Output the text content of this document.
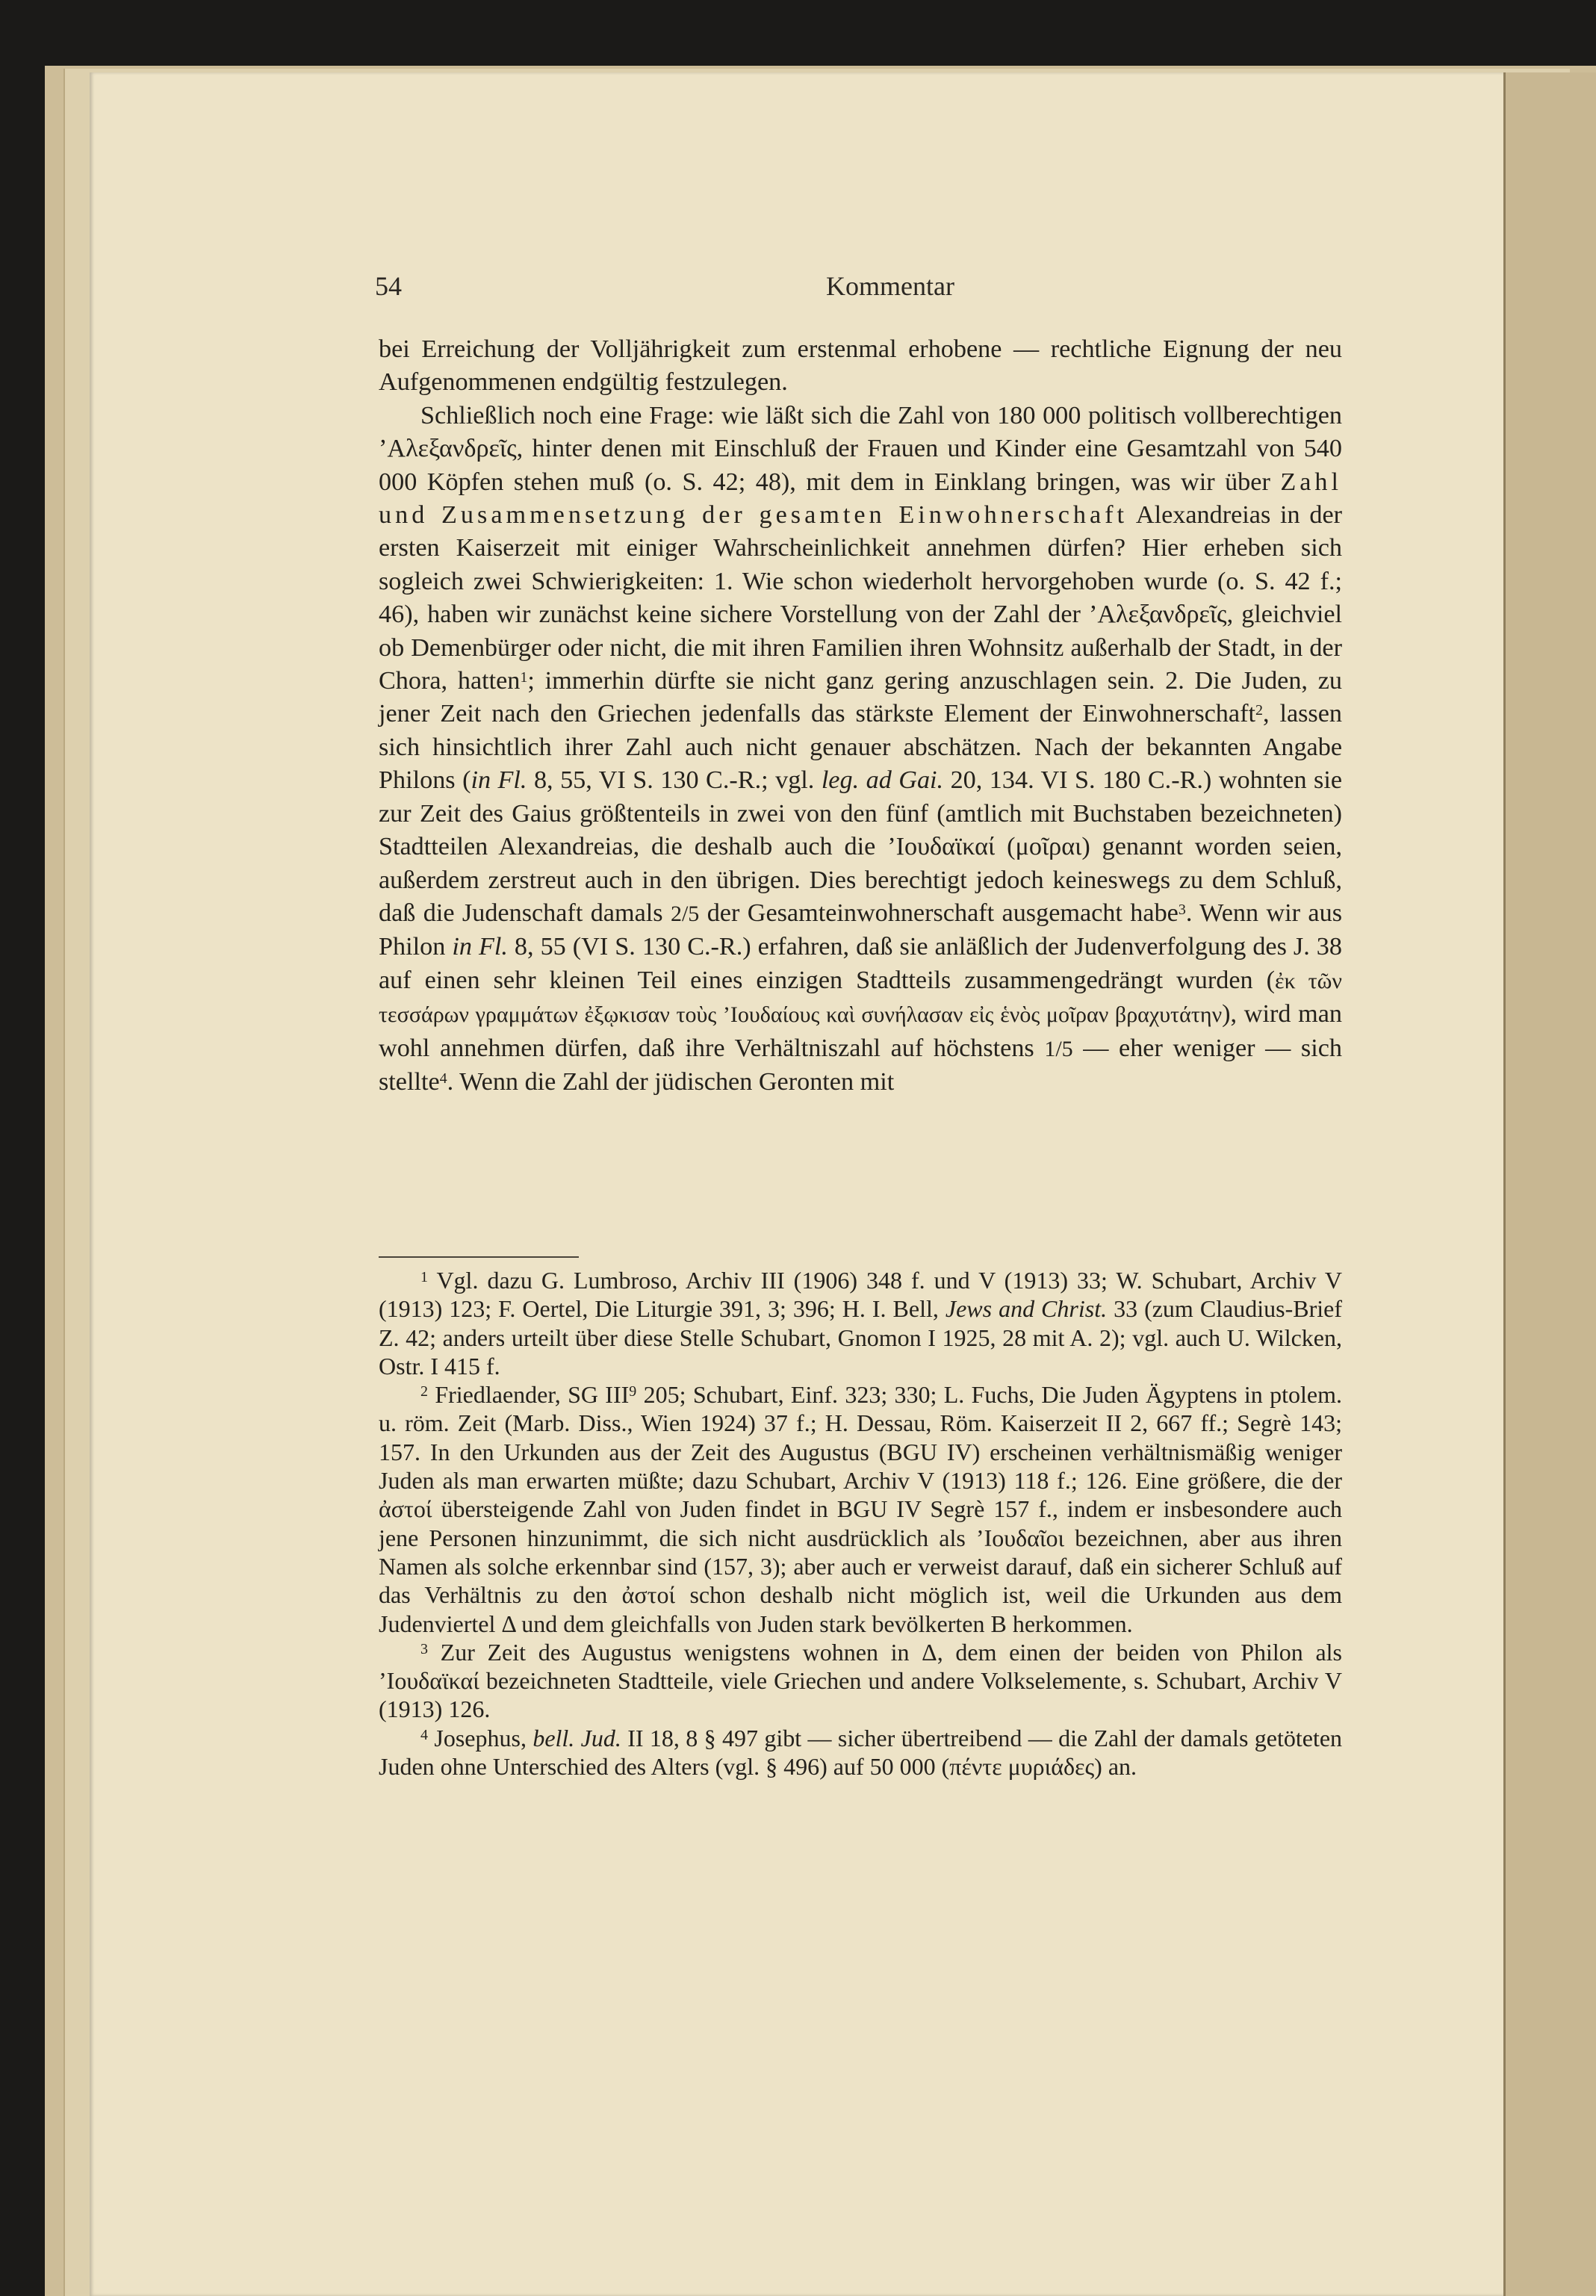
54	Kommentar

bei Erreichung der Volljährigkeit zum erstenmal erhobene — rechtliche Eignung der neu Aufgenommenen endgültig festzulegen.

Schließlich noch eine Frage: wie läßt sich die Zahl von 180 000 politisch vollberechtigen ’Αλεξανδρεῖς, hinter denen mit Einschluß der Frauen und Kinder eine Gesamtzahl von 540 000 Köpfen stehen muß (o. S. 42; 48), mit dem in Einklang bringen, was wir über Zahl und Zusammensetzung der gesamten Einwohnerschaft Alexandreias in der ersten Kaiserzeit mit einiger Wahrscheinlichkeit annehmen dürfen? Hier erheben sich sogleich zwei Schwierigkeiten: 1. Wie schon wiederholt hervorgehoben wurde (o. S. 42 f.; 46), haben wir zunächst keine sichere Vorstellung von der Zahl der ’Αλεξανδρεῖς, gleichviel ob Demenbürger oder nicht, die mit ihren Familien ihren Wohnsitz außerhalb der Stadt, in der Chora, hatten$^1$; immerhin dürfte sie nicht ganz gering anzuschlagen sein. 2. Die Juden, zu jener Zeit nach den Griechen jedenfalls das stärkste Element der Einwohnerschaft$^2$, lassen sich hinsichtlich ihrer Zahl auch nicht genauer abschätzen. Nach der bekannten Angabe Philons (in Fl. 8, 55, VI S. 130 C.-R.; vgl. leg. ad Gai. 20, 134. VI S. 180 C.-R.) wohnten sie zur Zeit des Gaius größtenteils in zwei von den fünf (amtlich mit Buchstaben bezeichneten) Stadtteilen Alexandreias, die deshalb auch die ’Ιουδαϊκαί (μοῖραι) genannt worden seien, außerdem zerstreut auch in den übrigen. Dies berechtigt jedoch keineswegs zu dem Schluß, daß die Judenschaft damals 2/5 der Gesamteinwohnerschaft ausgemacht habe$^3$. Wenn wir aus Philon in Fl. 8, 55 (VI S. 130 C.-R.) erfahren, daß sie anläßlich der Judenverfolgung des J. 38 auf einen sehr kleinen Teil eines einzigen Stadtteils zusammengedrängt wurden (ἐκ τῶν τεσσάρων γραμμάτων ἐξῳκισαν τοὺς ’Ιουδαίους καὶ συνήλασαν εἰς ἑνὸς μοῖραν βραχυτάτην), wird man wohl annehmen dürfen, daß ihre Verhältniszahl auf höchstens 1/5 — eher weniger — sich stellte$^4$. Wenn die Zahl der jüdischen Geronten mit

$^1$ Vgl. dazu G. Lumbroso, Archiv III (1906) 348 f. und V (1913) 33; W. Schubart, Archiv V (1913) 123; F. Oertel, Die Liturgie 391, 3; 396; H. I. Bell, Jews and Christ. 33 (zum Claudius-Brief Z. 42; anders urteilt über diese Stelle Schubart, Gnomon I 1925, 28 mit A. 2); vgl. auch U. Wilcken, Ostr. I 415 f.

$^2$ Friedlaender, SG III$^9$ 205; Schubart, Einf. 323; 330; L. Fuchs, Die Juden Ägyptens in ptolem. u. röm. Zeit (Marb. Diss., Wien 1924) 37 f.; H. Dessau, Röm. Kaiserzeit II 2, 667 ff.; Segrè 143; 157. In den Urkunden aus der Zeit des Augustus (BGU IV) erscheinen verhältnismäßig weniger Juden als man erwarten müßte; dazu Schubart, Archiv V (1913) 118 f.; 126. Eine größere, die der ἀστοί übersteigende Zahl von Juden findet in BGU IV Segrè 157 f., indem er insbesondere auch jene Personen hinzunimmt, die sich nicht ausdrücklich als ’Ιουδαῖοι bezeichnen, aber aus ihren Namen als solche erkennbar sind (157, 3); aber auch er verweist darauf, daß ein sicherer Schluß auf das Verhältnis zu den ἀστοί schon deshalb nicht möglich ist, weil die Urkunden aus dem Judenviertel Δ und dem gleichfalls von Juden stark bevölkerten B herkommen.

$^3$ Zur Zeit des Augustus wenigstens wohnen in Δ, dem einen der beiden von Philon als ’Ιουδαϊκαί bezeichneten Stadtteile, viele Griechen und andere Volkselemente, s. Schubart, Archiv V (1913) 126.

$^4$ Josephus, bell. Jud. II 18, 8 § 497 gibt — sicher übertreibend — die Zahl der damals getöteten Juden ohne Unterschied des Alters (vgl. § 496) auf 50 000 (πέντε μυριάδες) an.
